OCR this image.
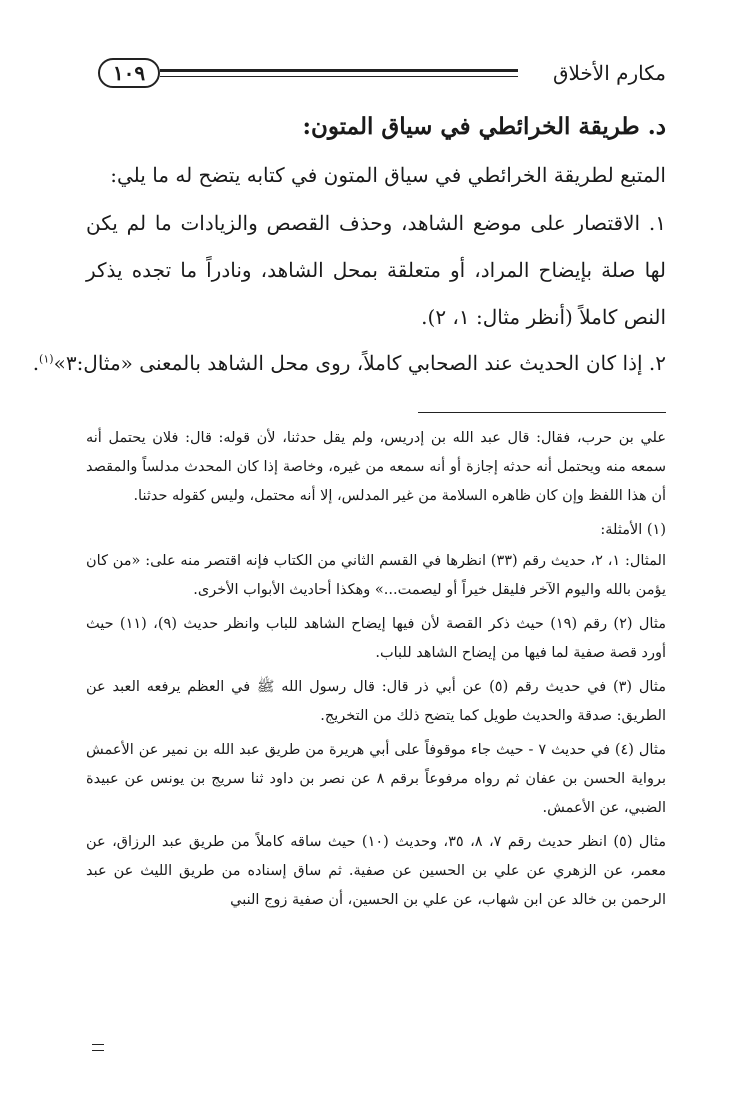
مكارم الأخلاق
١٠٩
د. طريقة الخرائطي في سياق المتون:
المتبع لطريقة الخرائطي في سياق المتون في كتابه يتضح له ما يلي:
١. الاقتصار على موضع الشاهد، وحذف القصص والزيادات ما لم يكن لها صلة بإيضاح المراد، أو متعلقة بمحل الشاهد، ونادراً ما تجده يذكر النص كاملاً (أنظر مثال: ١، ٢).
٢. إذا كان الحديث عند الصحابي كاملاً، روى محل الشاهد بالمعنى «مثال:٣»$^{(١)}$.

علي بن حرب، فقال: قال عبد الله بن إدريس، ولم يقل حدثنا، لأن قوله: قال: فلان يحتمل أنه سمعه منه ويحتمل أنه حدثه إجازة أو أنه سمعه من غيره، وخاصة إذا كان المحدث مدلساً والمقصد أن هذا اللفظ وإن كان ظاهره السلامة من غير المدلس، إلا أنه محتمل، وليس كقوله حدثنا.

(١) الأمثلة:

المثال: ١، ٢، حديث رقم (٣٣) انظرها في القسم الثاني من الكتاب فإنه اقتصر منه على: «من كان يؤمن بالله واليوم الآخر فليقل خيراً أو ليصمت...» وهكذا أحاديث الأبواب الأخرى.

مثال (٢) رقم (١٩) حيث ذكر القصة لأن فيها إيضاح الشاهد للباب وانظر حديث (٩)، (١١) حيث أورد قصة صفية لما فيها من إيضاح الشاهد للباب.

مثال (٣) في حديث رقم (٥) عن أبي ذر قال: قال رسول الله ﷺ في العظم يرفعه العبد عن الطريق: صدقة والحديث طويل كما يتضح ذلك من التخريج.

مثال (٤) في حديث ٧ - حيث جاء موقوفاً على أبي هريرة من طريق عبد الله بن نمير عن الأعمش برواية الحسن بن عفان ثم رواه مرفوعاً برقم ٨ عن نصر بن داود ثنا سريج بن يونس عن عبيدة الضبي، عن الأعمش.

مثال (٥) انظر حديث رقم ٧، ٨، ٣٥، وحديث (١٠) حيث ساقه كاملاً من طريق عبد الرزاق، عن معمر، عن الزهري عن علي بن الحسين عن صفية. ثم ساق إسناده من طريق الليث عن عبد الرحمن بن خالد عن ابن شهاب، عن علي بن الحسين، أن صفية زوج النبي
